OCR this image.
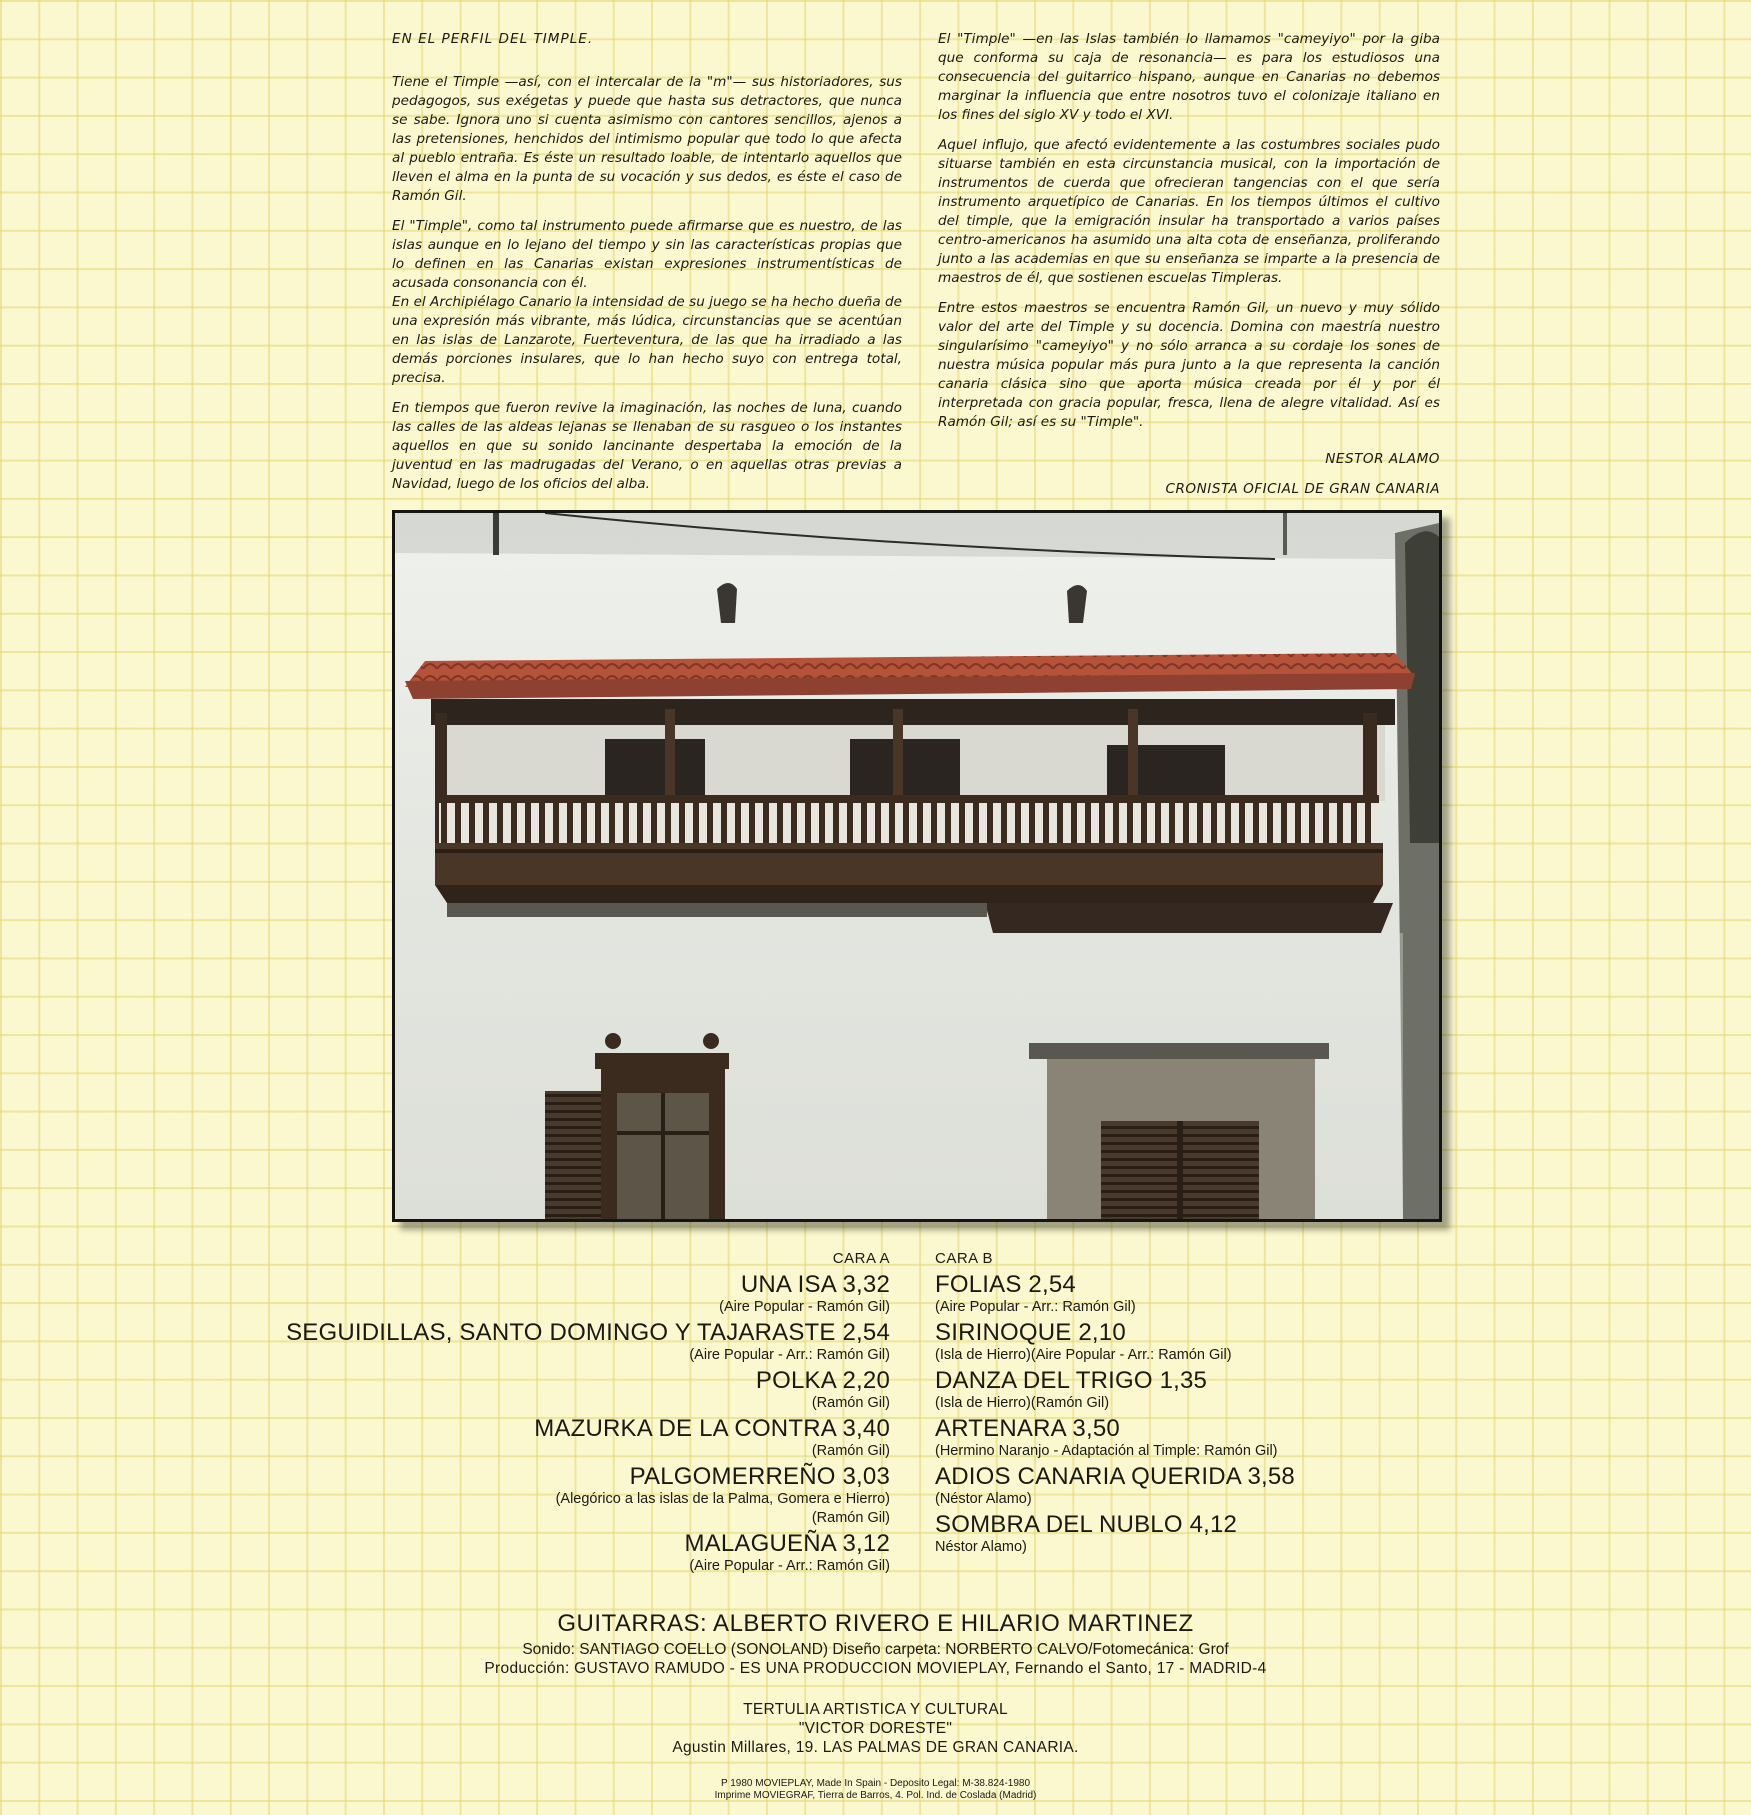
EN EL PERFIL DEL TIMPLE.

Tiene el Timple —así, con el intercalar de la "m"— sus historiadores, sus pedagogos, sus exégetas y puede que hasta sus detractores, que nunca se sabe. Ignora uno si cuenta asimismo con cantores sencillos, ajenos a las pretensiones, henchidos del intimismo popular que todo lo que afecta al pueblo entraña. Es éste un resultado loable, de intentarlo aquellos que lleven el alma en la punta de su vocación y sus dedos, es éste el caso de Ramón Gil.

El "Timple", como tal instrumento puede afirmarse que es nuestro, de las islas aunque en lo lejano del tiempo y sin las características propias que lo definen en las Canarias existan expresiones instrumentísticas de acusada consonancia con él.

En el Archipiélago Canario la intensidad de su juego se ha hecho dueña de una expresión más vibrante, más lúdica, circunstancias que se acentúan en las islas de Lanzarote, Fuerteventura, de las que ha irradiado a las demás porciones insulares, que lo han hecho suyo con entrega total, precisa.

En tiempos que fueron revive la imaginación, las noches de luna, cuando las calles de las aldeas lejanas se llenaban de su rasgueo o los instantes aquellos en que su sonido lancinante despertaba la emoción de la juventud en las madrugadas del Verano, o en aquellas otras previas a Navidad, luego de los oficios del alba.

El "Timple" —en las Islas también lo llamamos "cameyiyo" por la giba que conforma su caja de resonancia— es para los estudiosos una consecuencia del guitarrico hispano, aunque en Canarias no debemos marginar la influencia que entre nosotros tuvo el colonizaje italiano en los fines del siglo XV y todo el XVI.

Aquel influjo, que afectó evidentemente a las costumbres sociales pudo situarse también en esta circunstancia musical, con la importación de instrumentos de cuerda que ofrecieran tangencias con el que sería instrumento arquetípico de Canarias. En los tiempos últimos el cultivo del timple, que la emigración insular ha transportado a varios países centro-americanos ha asumido una alta cota de enseñanza, proliferando junto a las academias en que su enseñanza se imparte a la presencia de maestros de él, que sostienen escuelas Timpleras.

Entre estos maestros se encuentra Ramón Gil, un nuevo y muy sólido valor del arte del Timple y su docencia. Domina con maestría nuestro singularísimo "cameyiyo" y no sólo arranca a su cordaje los sones de nuestra música popular más pura junto a la que representa la canción canaria clásica sino que aporta música creada por él y por él interpretada con gracia popular, fresca, llena de alegre vitalidad. Así es Ramón Gil; así es su "Timple".

NESTOR ALAMO

CRONISTA OFICIAL DE GRAN CANARIA

CARA A
UNA ISA 3,32
(Aire Popular - Ramón Gil)
SEGUIDILLAS, SANTO DOMINGO Y TAJARASTE 2,54
(Aire Popular - Arr.: Ramón Gil)
POLKA 2,20
(Ramón Gil)
MAZURKA DE LA CONTRA 3,40
(Ramón Gil)
PALGOMERREÑO 3,03
(Alegórico a las islas de la Palma, Gomera e Hierro)
(Ramón Gil)
MALAGUEÑA 3,12
(Aire Popular - Arr.: Ramón Gil)
CARA B
FOLIAS 2,54
(Aire Popular - Arr.: Ramón Gil)
SIRINOQUE 2,10
(Isla de Hierro)(Aire Popular - Arr.: Ramón Gil)
DANZA DEL TRIGO 1,35
(Isla de Hierro)(Ramón Gil)
ARTENARA 3,50
(Hermino Naranjo - Adaptación al Timple: Ramón Gil)
ADIOS CANARIA QUERIDA 3,58
(Néstor Alamo)
SOMBRA DEL NUBLO 4,12
Néstor Alamo)
GUITARRAS: ALBERTO RIVERO E HILARIO MARTINEZ
Sonido: SANTIAGO COELLO (SONOLAND) Diseño carpeta: NORBERTO CALVO/Fotomecánica: Grof
Producción: GUSTAVO RAMUDO - ES UNA PRODUCCION MOVIEPLAY, Fernando el Santo, 17 - MADRID-4
TERTULIA ARTISTICA Y CULTURAL
"VICTOR DORESTE"
Agustin Millares, 19. LAS PALMAS DE GRAN CANARIA.
P 1980 MOVIEPLAY, Made In Spain - Deposito Legal: M-38.824-1980
Imprime MOVIEGRAF, Tierra de Barros, 4. Pol. Ind. de Coslada (Madrid)
